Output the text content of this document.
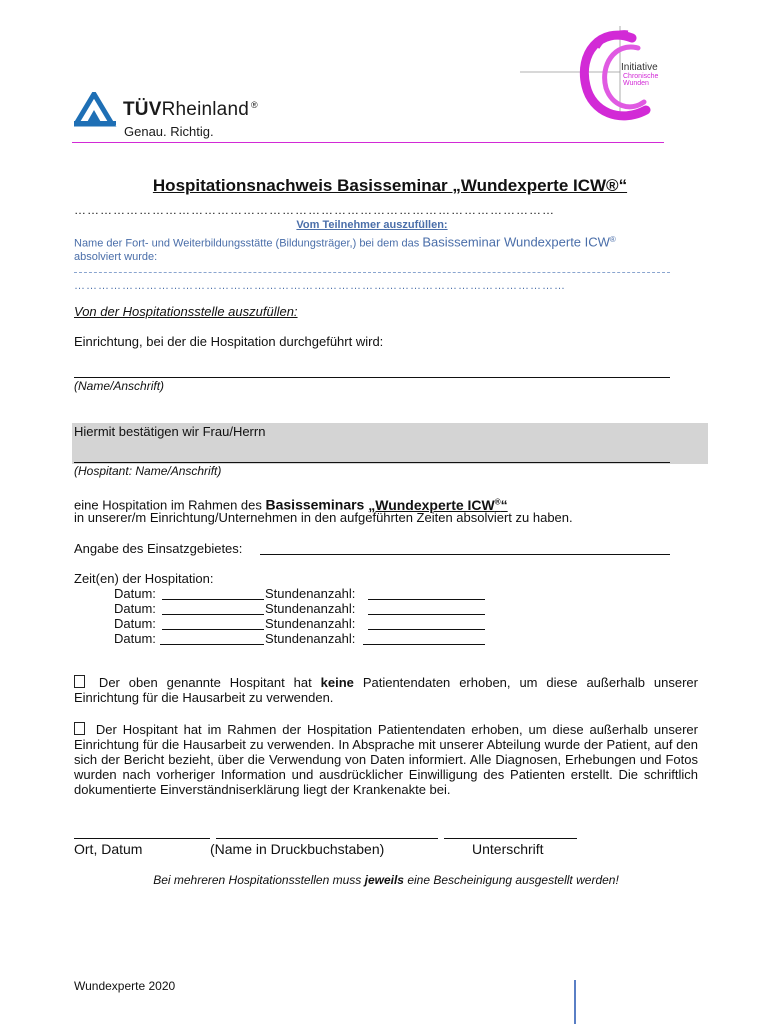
TÜVRheinland ®
Genau. Richtig.
Initiative
Chronische
Wunden
Hospitationsnachweis Basisseminar „Wundexperte ICW®“
…………………………………………………………………………………………………
Vom Teilnehmer auszufüllen:
Name der Fort- und Weiterbildungsstätte (Bildungsträger,) bei dem das Basisseminar Wundexperte ICW®
absolviert wurde:
……………………………………………………………………………………………………………
Von der Hospitationsstelle auszufüllen:
Einrichtung, bei der die Hospitation durchgeführt wird:
(Name/Anschrift)
Hiermit bestätigen wir Frau/Herrn
(Hospitant: Name/Anschrift)
eine Hospitation im Rahmen des Basisseminars „Wundexperte ICW®“
in unserer/m Einrichtung/Unternehmen in den aufgeführten Zeiten absolviert zu haben.
Angabe des Einsatzgebietes:
Zeit(en) der Hospitation:
Datum:	Stundenanzahl:
Datum:	Stundenanzahl:
Datum:	Stundenanzahl:
Datum:	Stundenanzahl:
Der oben genannte Hospitant hat keine Patientendaten erhoben, um diese außerhalb unserer Einrichtung für die Hausarbeit zu verwenden.
Der Hospitant hat im Rahmen der Hospitation Patientendaten erhoben, um diese außerhalb unserer Einrichtung für die Hausarbeit zu verwenden. In Absprache mit unserer Abteilung wurde der Patient, auf den sich der Bericht bezieht, über die Verwendung von Daten informiert. Alle Diagnosen, Erhebungen und Fotos wurden nach vorheriger Information und ausdrücklicher Einwilligung des Patienten erstellt. Die schriftlich dokumentierte Einverständniserklärung liegt der Krankenakte bei.
Ort, Datum	(Name in Druckbuchstaben)	Unterschrift
Bei mehreren Hospitationsstellen muss jeweils eine Bescheinigung ausgestellt werden!
Wundexperte 2020
